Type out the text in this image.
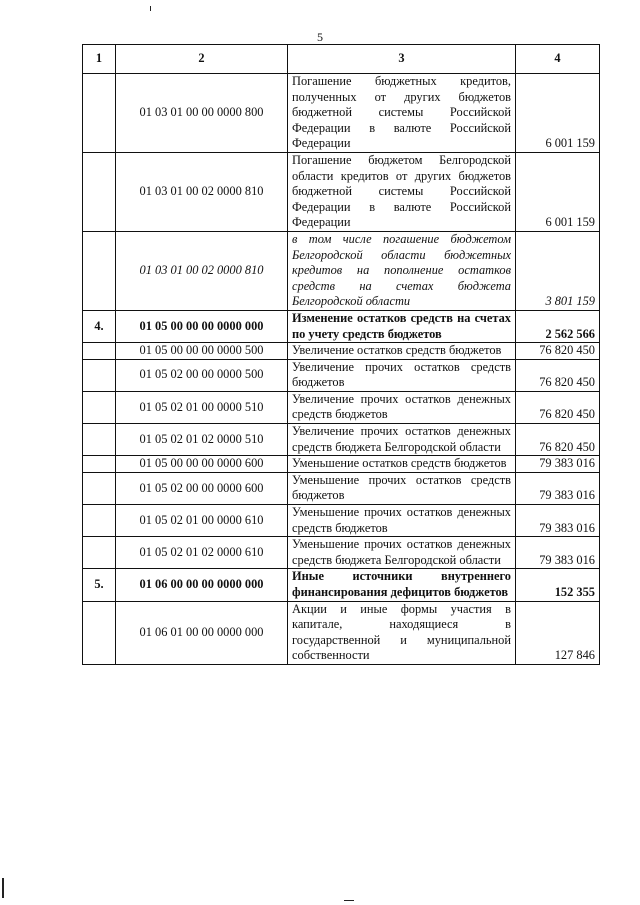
5
1	2	3	4
	01 03 01 00 00 0000 800	Погашение бюджетных кредитов, полученных от других бюджетов бюджетной системы Российской Федерации в валюте Российской Федерации	6 001 159
	01 03 01 00 02 0000 810	Погашение бюджетом Белгородской области кредитов от других бюджетов бюджетной системы Российской Федерации в валюте Российской Федерации	6 001 159
	01 03 01 00 02 0000 810	в том числе погашение бюджетом Белгородской области бюджетных кредитов на пополнение остатков средств на счетах бюджета Белгородской области	3 801 159
4.	01 05 00 00 00 0000 000	Изменение остатков средств на счетах по учету средств бюджетов	2 562 566
	01 05 00 00 00 0000 500	Увеличение остатков средств бюджетов	76 820 450
	01 05 02 00 00 0000 500	Увеличение прочих остатков средств бюджетов	76 820 450
	01 05 02 01 00 0000 510	Увеличение прочих остатков денежных средств бюджетов	76 820 450
	01 05 02 01 02 0000 510	Увеличение прочих остатков денежных средств бюджета Белгородской области	76 820 450
	01 05 00 00 00 0000 600	Уменьшение остатков средств бюджетов	79 383 016
	01 05 02 00 00 0000 600	Уменьшение прочих остатков средств бюджетов	79 383 016
	01 05 02 01 00 0000 610	Уменьшение прочих остатков денежных средств бюджетов	79 383 016
	01 05 02 01 02 0000 610	Уменьшение прочих остатков денежных средств бюджета Белгородской области	79 383 016
5.	01 06 00 00 00 0000 000	Иные источники внутреннего финансирования дефицитов бюджетов	152 355
	01 06 01 00 00 0000 000	Акции и иные формы участия в капитале, находящиеся в государственной и муниципальной собственности	127 846
